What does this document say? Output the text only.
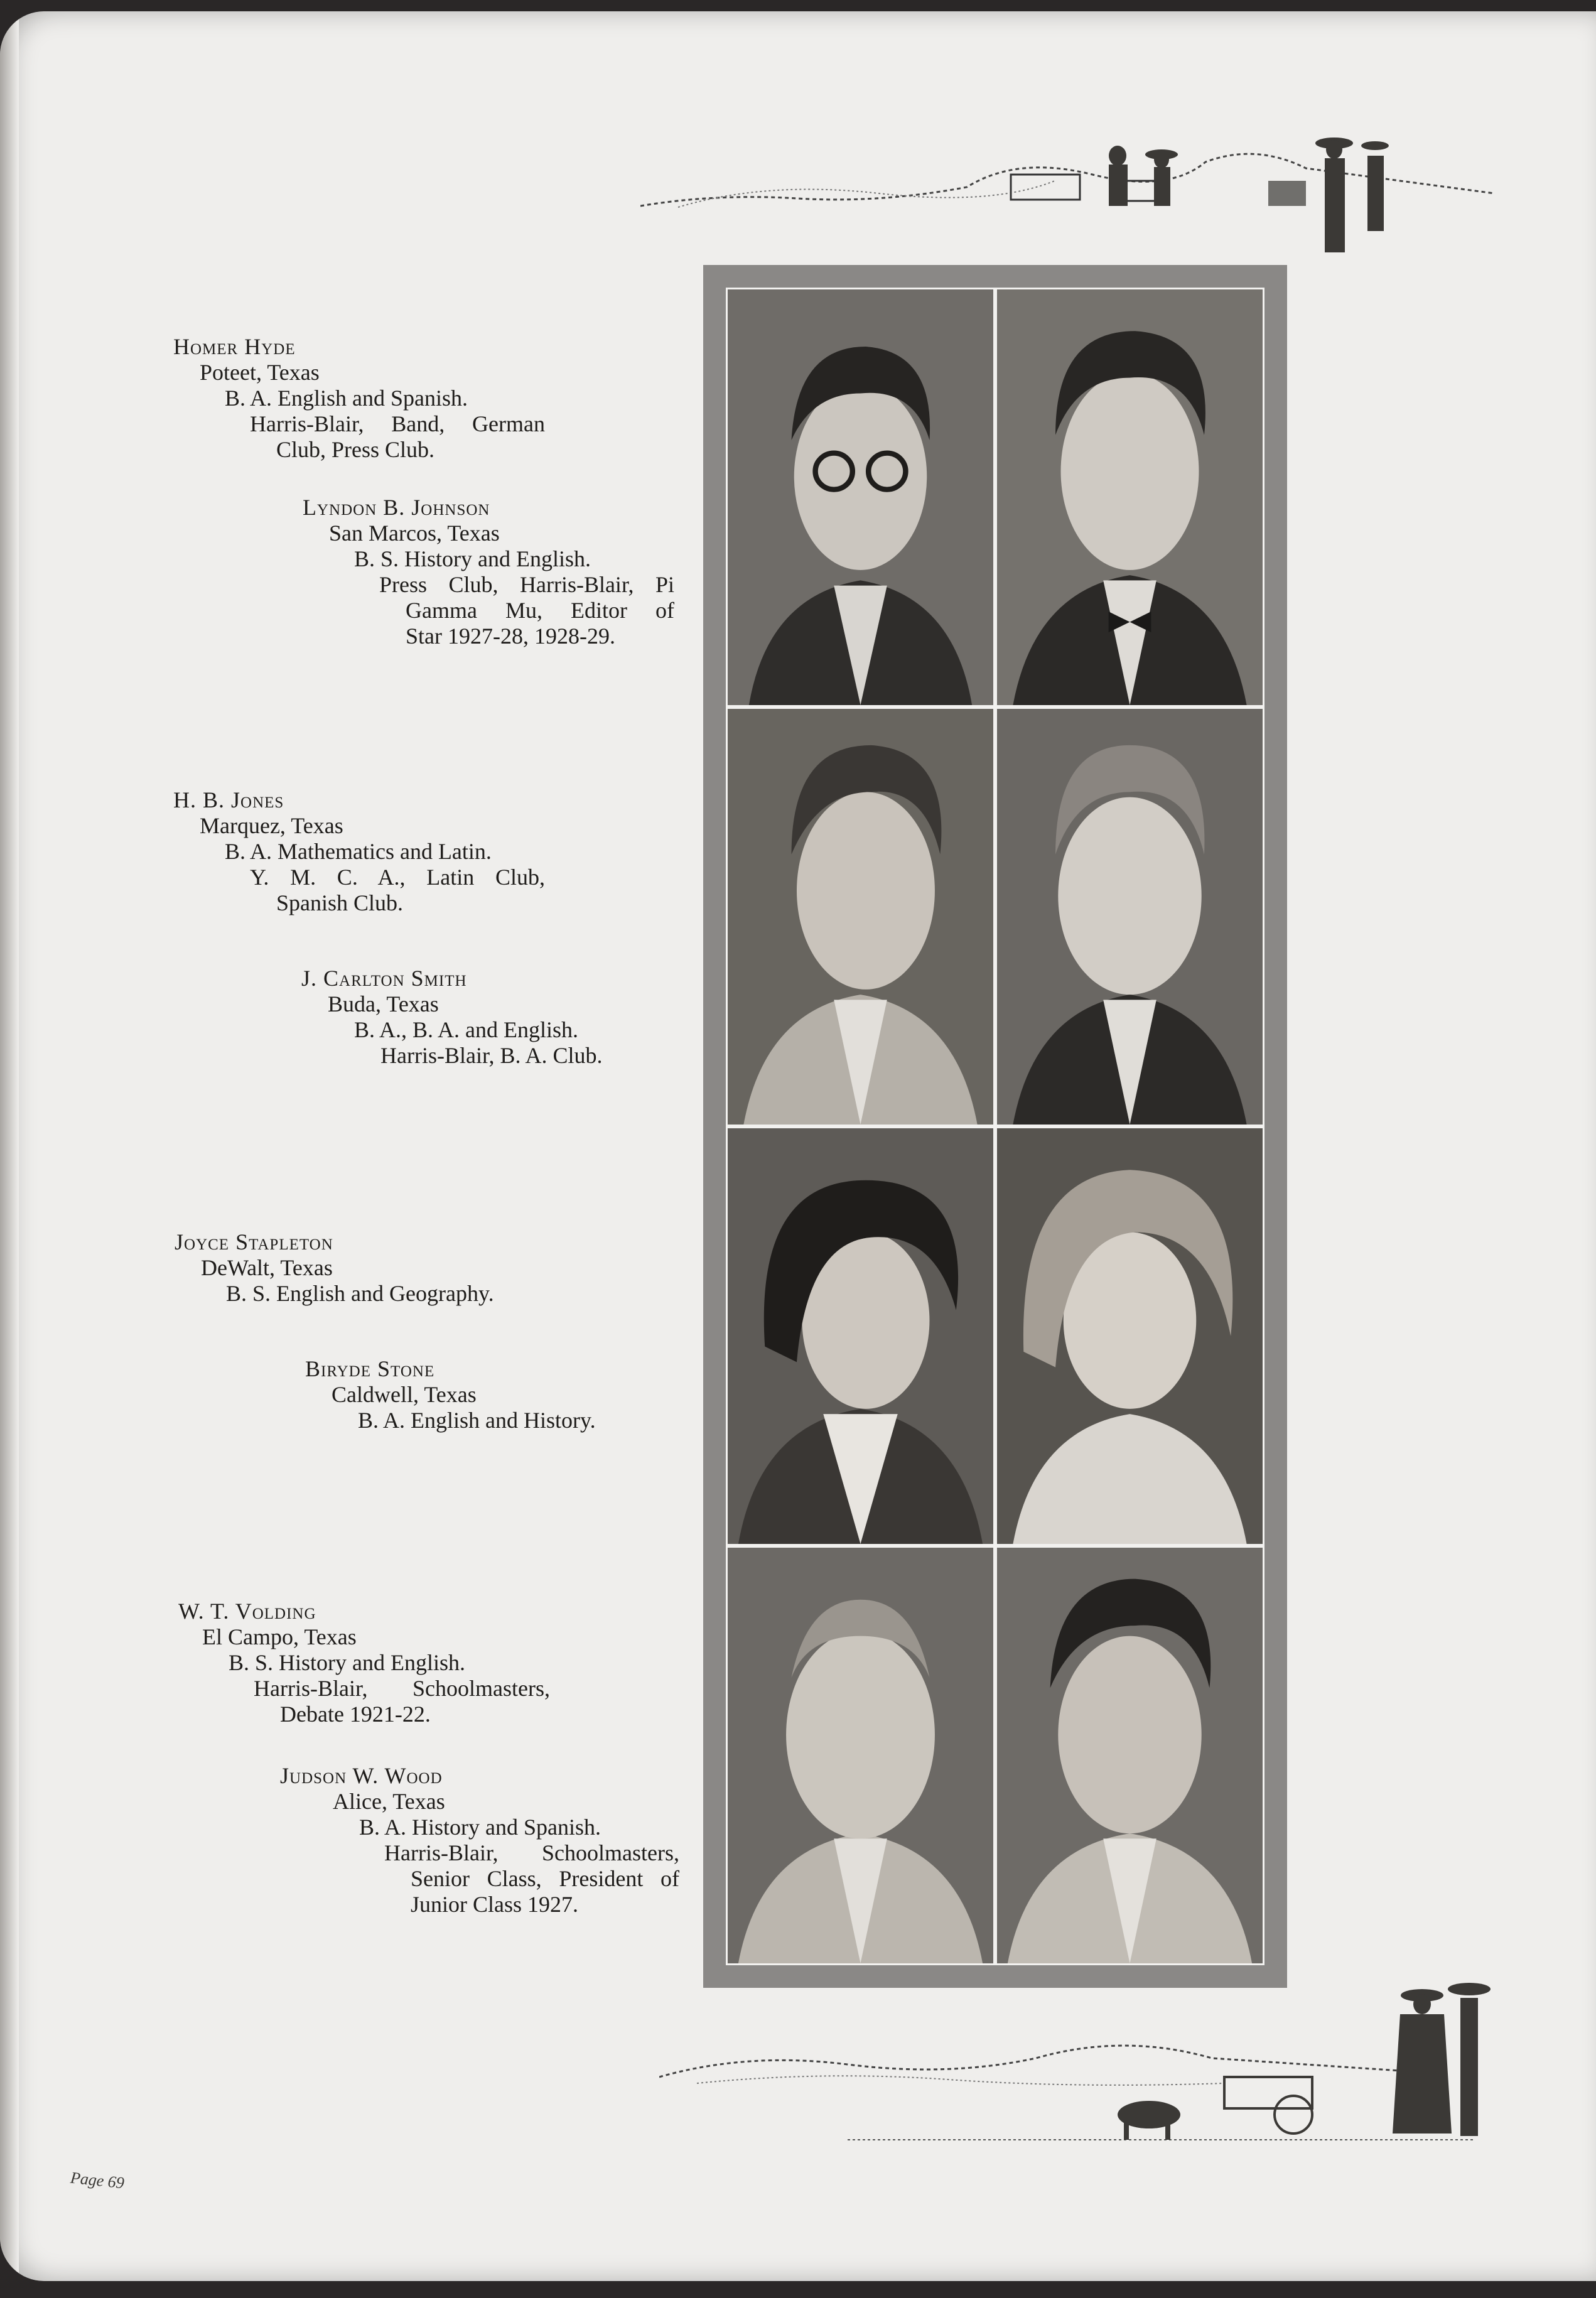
Homer Hyde
Poteet, Texas
B. A. English and Spanish.
Harris-Blair, Band, German
Club, Press Club.
Lyndon B. Johnson
San Marcos, Texas
B. S. History and English.
Press Club, Harris-Blair, Pi
Gamma Mu, Editor of
Star 1927-28, 1928-29.
H. B. Jones
Marquez, Texas
B. A. Mathematics and Latin.
Y. M. C. A., Latin Club,
Spanish Club.
J. Carlton Smith
Buda, Texas
B. A., B. A. and English.
Harris-Blair, B. A. Club.
Joyce Stapleton
DeWalt, Texas
B. S. English and Geography.
Biryde Stone
Caldwell, Texas
B. A. English and History.
W. T. Volding
El Campo, Texas
B. S. History and English.
Harris-Blair, Schoolmasters,
Debate 1921-22.
Judson W. Wood
Alice, Texas
B. A. History and Spanish.
Harris-Blair, Schoolmasters,
Senior Class, President of
Junior Class 1927.
Page 69
